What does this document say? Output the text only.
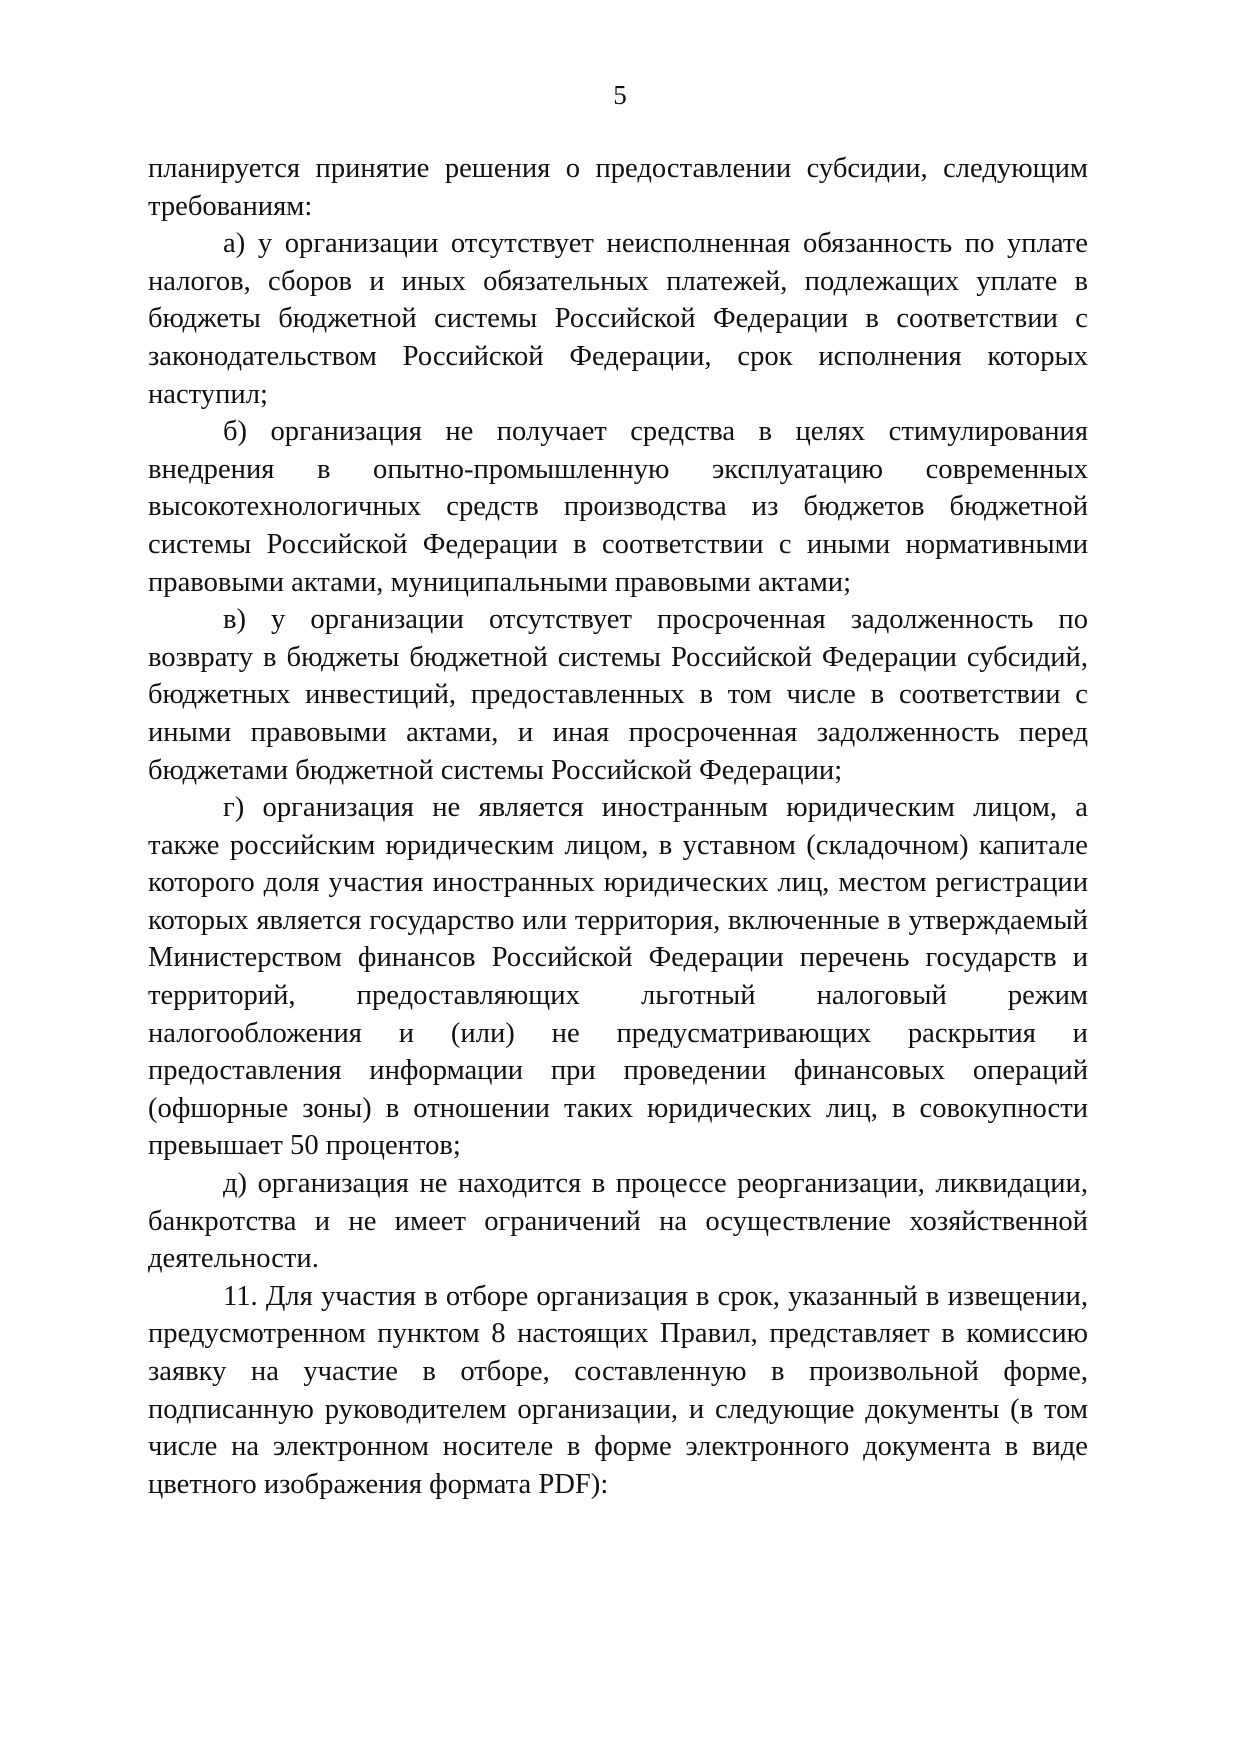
5

планируется принятие решения о предоставлении субсидии, следующим требованиям:

а) у организации отсутствует неисполненная обязанность по уплате налогов, сборов и иных обязательных платежей, подлежащих уплате в бюджеты бюджетной системы Российской Федерации в соответствии с законодательством Российской Федерации, срок исполнения которых наступил;

б) организация не получает средства в целях стимулирования внедрения в опытно-промышленную эксплуатацию современных высокотехнологичных средств производства из бюджетов бюджетной системы Российской Федерации в соответствии с иными нормативными правовыми актами, муниципальными правовыми актами;

в) у организации отсутствует просроченная задолженность по возврату в бюджеты бюджетной системы Российской Федерации субсидий, бюджетных инвестиций, предоставленных в том числе в соответствии с иными правовыми актами, и иная просроченная задолженность перед бюджетами бюджетной системы Российской Федерации;

г) организация не является иностранным юридическим лицом, а также российским юридическим лицом, в уставном (складочном) капитале которого доля участия иностранных юридических лиц, местом регистрации которых является государство или территория, включенные в утверждаемый Министерством финансов Российской Федерации перечень государств и территорий, предоставляющих льготный налоговый режим налогообложения и (или) не предусматривающих раскрытия и предоставления информации при проведении финансовых операций (офшорные зоны) в отношении таких юридических лиц, в совокупности превышает 50 процентов;

д) организация не находится в процессе реорганизации, ликвидации, банкротства и не имеет ограничений на осуществление хозяйственной деятельности.

11. Для участия в отборе организация в срок, указанный в извещении, предусмотренном пунктом 8 настоящих Правил, представляет в комиссию заявку на участие в отборе, составленную в произвольной форме, подписанную руководителем организации, и следующие документы (в том числе на электронном носителе в форме электронного документа в виде цветного изображения формата PDF):
